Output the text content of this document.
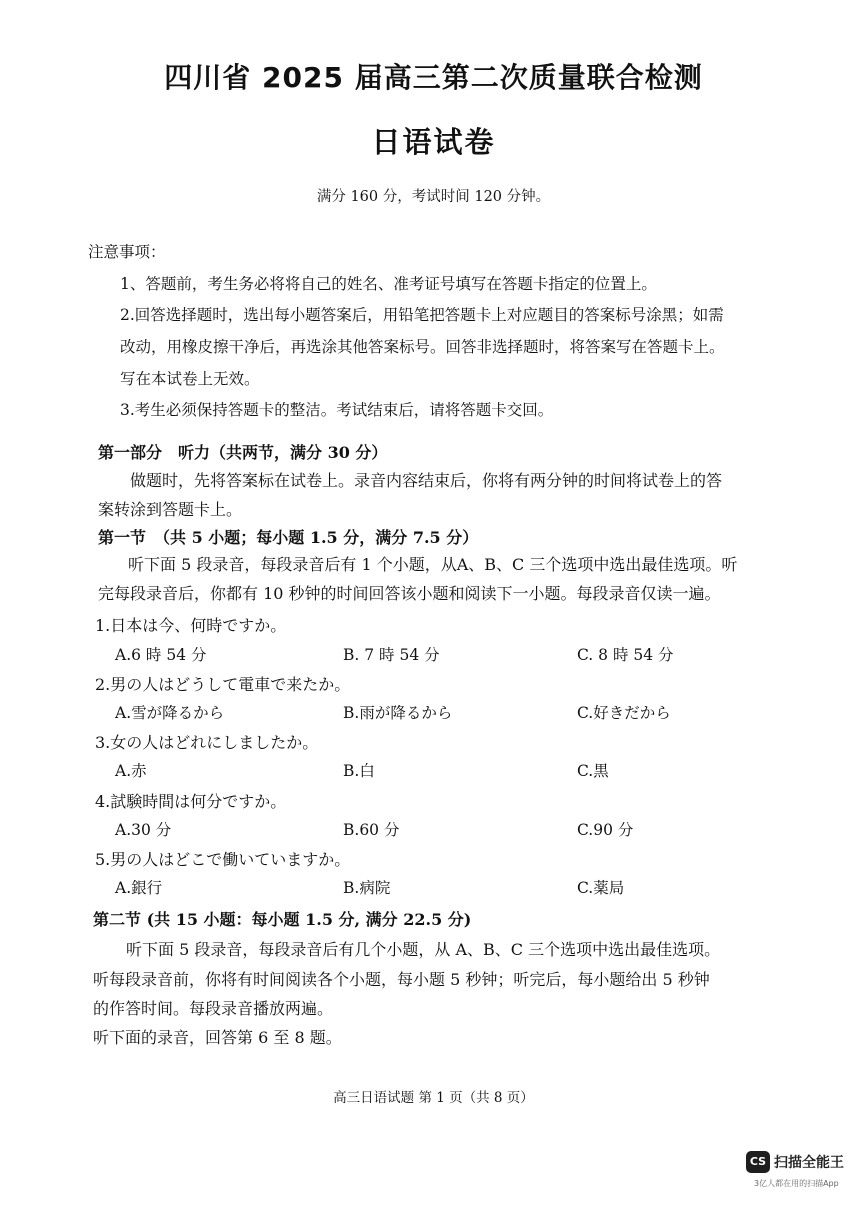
四川省 2025 届高三第二次质量联合检测
日语试卷
满分 160 分，考试时间 120 分钟。
注意事项：
1、答题前，考生务必将将自己的姓名、准考证号填写在答题卡指定的位置上。
2.回答选择题时，选出每小题答案后，用铅笔把答题卡上对应题目的答案标号涂黑；如需
改动，用橡皮擦干净后，再选涂其他答案标号。回答非选择题时，将答案写在答题卡上。
写在本试卷上无效。
3.考生必须保持答题卡的整洁。考试结束后，请将答题卡交回。
第一部分　听力（共两节，满分 30 分）
做题时，先将答案标在试卷上。录音内容结束后，你将有两分钟的时间将试卷上的答
案转涂到答题卡上。
第一节　（共 5 小题；每小题 1.5 分，满分 7.5 分）
听下面 5 段录音，每段录音后有 1 个小题，从A、B、C 三个选项中选出最佳选项。听
完每段录音后，你都有 10 秒钟的时间回答该小题和阅读下一小题。每段录音仅读一遍。
1.日本は今、何時ですか。
A.6 時 54 分	B. 7 時 54 分	C. 8 時 54 分
2.男の人はどうして電車で来たか。
A.雪が降るから	B.雨が降るから	C.好きだから
3.女の人はどれにしましたか。
A.赤	B.白	C.黒
4.試験時間は何分ですか。
A.30 分	B.60 分	C.90 分
5.男の人はどこで働いていますか。
A.銀行	B.病院	C.薬局
第二节 (共 15 小题：每小题 1.5 分, 满分 22.5 分)
听下面 5 段录音，每段录音后有几个小题，从 A、B、C 三个选项中选出最佳选项。
听每段录音前，你将有时间阅读各个小题，每小题 5 秒钟；听完后，每小题给出 5 秒钟
的作答时间。每段录音播放两遍。
听下面的录音，回答第 6 至 8 题。
高三日语试题 第 1 页（共 8 页）
CS 扫描全能王
3亿人都在用的扫描App
